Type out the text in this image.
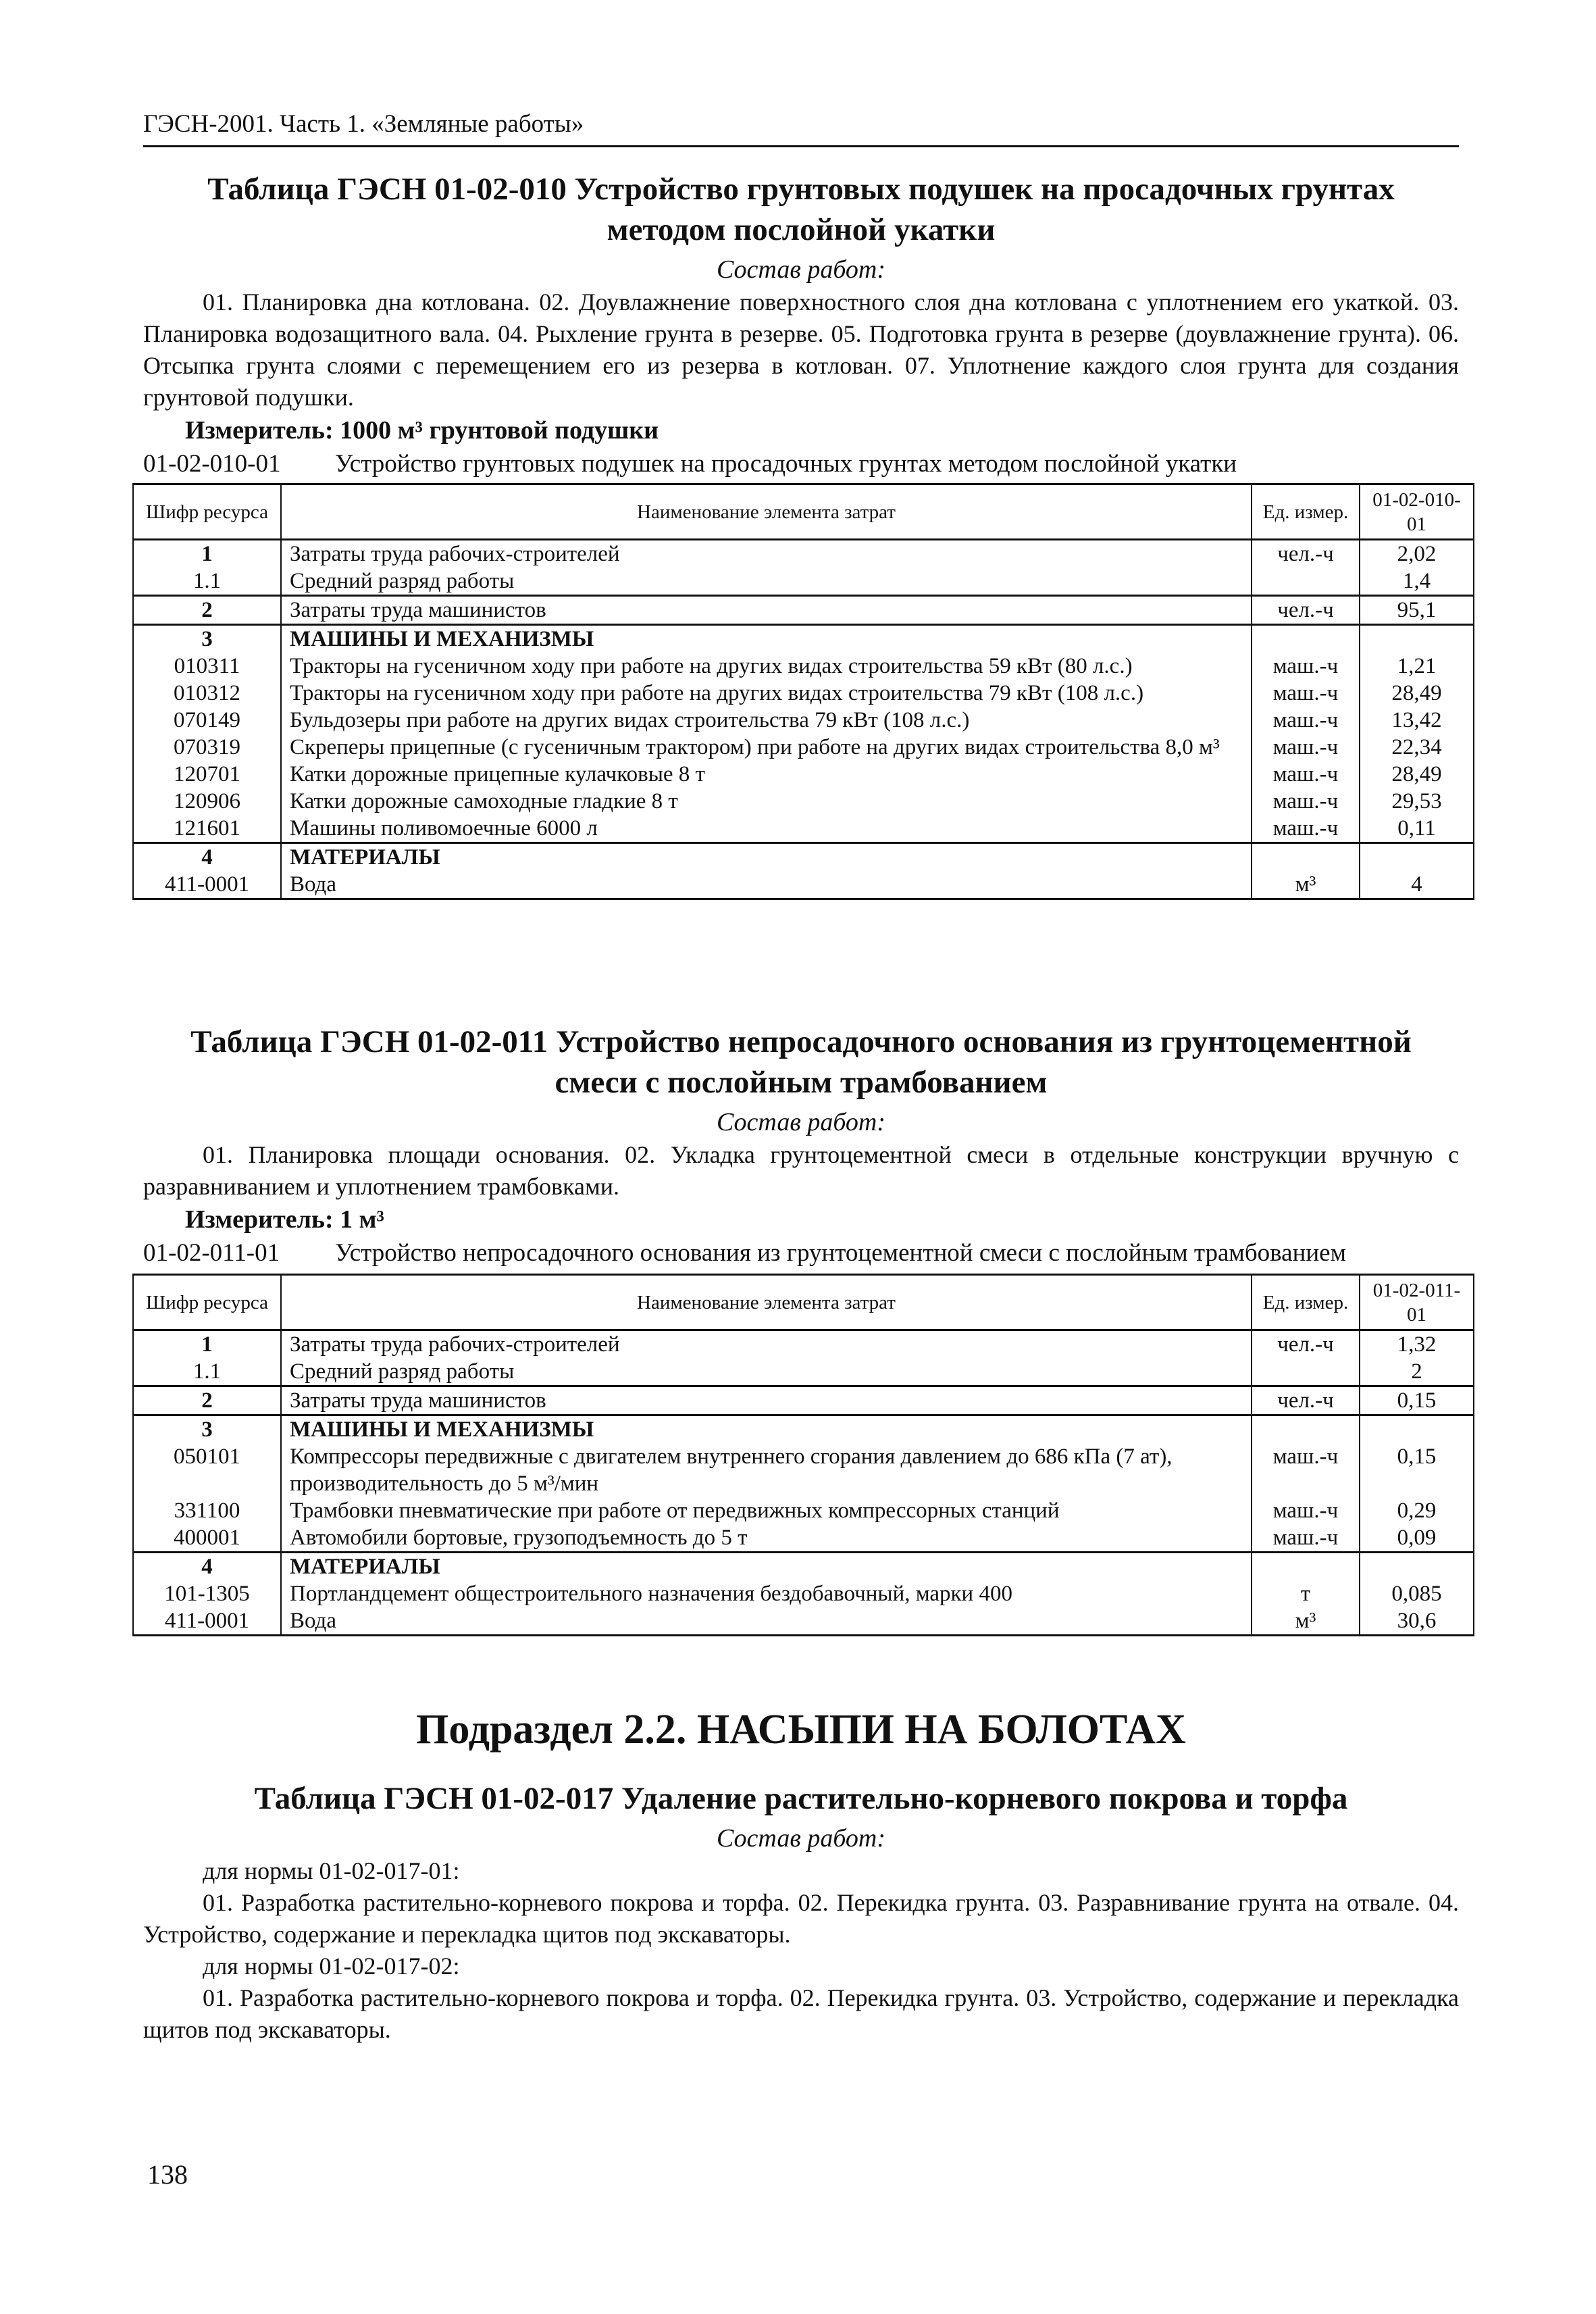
ГЭСН-2001. Часть 1. «Земляные работы»

Таблица ГЭСН 01-02-010 Устройство грунтовых подушек на просадочных грунтах

методом послойной укатки

Состав работ:

01. Планировка дна котлована. 02. Доувлажнение поверхностного слоя дна котлована с уплотнением его укаткой. 03. Планировка водозащитного вала. 04. Рыхление грунта в резерве. 05. Подготовка грунта в резерве (доувлажнение грунта). 06. Отсыпка грунта слоями с перемещением его из резерва в котлован. 07. Уплотнение каждого слоя грунта для создания грунтовой подушки.

Измеритель: 1000 м³ грунтовой подушки
01-02-010-01	Устройство грунтовых подушек на просадочных грунтах методом послойной укатки
Шифр ресурса	Наименование элемента затрат	Ед. измер.	01-02-010-01
1	Затраты труда рабочих-строителей	чел.-ч	2,02
1.1	Средний разряд работы		1,4
2	Затраты труда машинистов	чел.-ч	95,1
3	МАШИНЫ И МЕХАНИЗМЫ		
010311	Тракторы на гусеничном ходу при работе на других видах строительства 59 кВт (80 л.с.)	маш.-ч	1,21
010312	Тракторы на гусеничном ходу при работе на других видах строительства 79 кВт (108 л.с.)	маш.-ч	28,49
070149	Бульдозеры при работе на других видах строительства 79 кВт (108 л.с.)	маш.-ч	13,42
070319	Скреперы прицепные (с гусеничным трактором) при работе на других видах строительства 8,0 м³	маш.-ч	22,34
120701	Катки дорожные прицепные кулачковые 8 т	маш.-ч	28,49
120906	Катки дорожные самоходные гладкие 8 т	маш.-ч	29,53
121601	Машины поливомоечные 6000 л	маш.-ч	0,11
4	МАТЕРИАЛЫ		
411-0001	Вода	м³	4

Таблица ГЭСН 01-02-011 Устройство непросадочного основания из грунтоцементной

смеси с послойным трамбованием

Состав работ:

01. Планировка площади основания. 02. Укладка грунтоцементной смеси в отдельные конструкции вручную с разравниванием и уплотнением трамбовками.

Измеритель: 1 м³
01-02-011-01	Устройство непросадочного основания из грунтоцементной смеси с послойным трамбованием
Шифр ресурса	Наименование элемента затрат	Ед. измер.	01-02-011-01
1	Затраты труда рабочих-строителей	чел.-ч	1,32
1.1	Средний разряд работы		2
2	Затраты труда машинистов	чел.-ч	0,15
3	МАШИНЫ И МЕХАНИЗМЫ		
050101	Компрессоры передвижные с двигателем внутреннего сгорания давлением до 686 кПа (7 ат), производительность до 5 м³/мин	маш.-ч	0,15
331100	Трамбовки пневматические при работе от передвижных компрессорных станций	маш.-ч	0,29
400001	Автомобили бортовые, грузоподъемность до 5 т	маш.-ч	0,09
4	МАТЕРИАЛЫ		
101-1305	Портландцемент общестроительного назначения бездобавочный, марки 400	т	0,085
411-0001	Вода	м³	30,6
Подраздел 2.2. НАСЫПИ НА БОЛОТАХ

Таблица ГЭСН 01-02-017 Удаление растительно-корневого покрова и торфа

Состав работ:

для нормы 01-02-017-01:

01. Разработка растительно-корневого покрова и торфа. 02. Перекидка грунта. 03. Разравнивание грунта на отвале. 04. Устройство, содержание и перекладка щитов под экскаваторы.

для нормы 01-02-017-02:

01. Разработка растительно-корневого покрова и торфа. 02. Перекидка грунта. 03. Устройство, содержание и перекладка щитов под экскаваторы.

138
